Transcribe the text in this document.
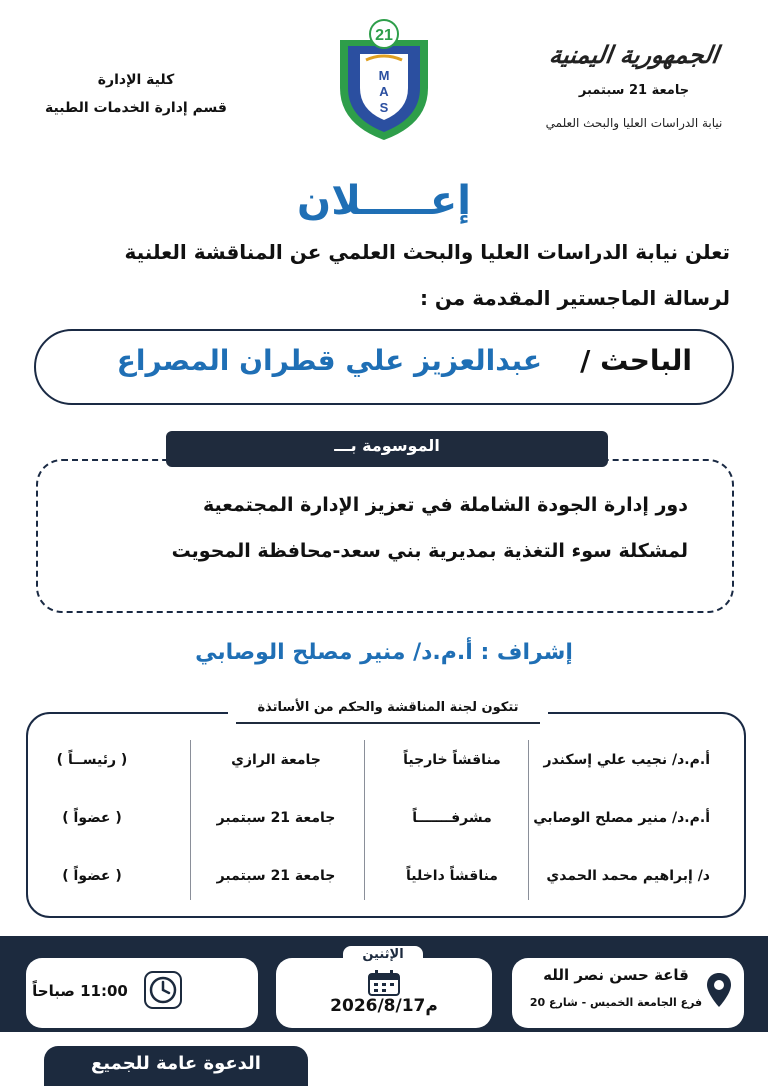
الجمهورية اليمنية
جامعة 21 سبتمبر
نيابة الدراسات العليا والبحث العلمي
كلية الإدارة
قسم إدارة الخدمات الطبية
21
M
A
S
إعـــــلان
تعلن نيابة الدراسات العليا والبحث العلمي عن المناقشة العلنية
لرسالة الماجستير المقدمة من :
الباحث /
عبدالعزيز علي قطران المصراع
الموسومة بـــ
دور إدارة الجودة الشاملة في تعزيز الإدارة المجتمعية
لمشكلة سوء التغذية بمديرية بني سعد-محافظة المحويت
إشراف : أ.م.د/ منير مصلح الوصابي
تتكون لجنة المناقشة والحكم من الأساتذة
أ.م.د/ نجيب علي إسكندر
مناقشاً خارجياً
جامعة الرازي
( رئيســاً )
أ.م.د/ منير مصلح الوصابي
مشرفـــــــاً
جامعة 21 سبتمبر
( عضواً )
د/ إبراهيم محمد الحمدي
مناقشاً داخلياً
جامعة 21 سبتمبر
( عضواً )
قاعة حسن نصر الله
فرع الجامعة الخميس - شارع 20
الإثنين
2026/8/17م
11:00 صباحاً
الدعوة عامة للجميع
